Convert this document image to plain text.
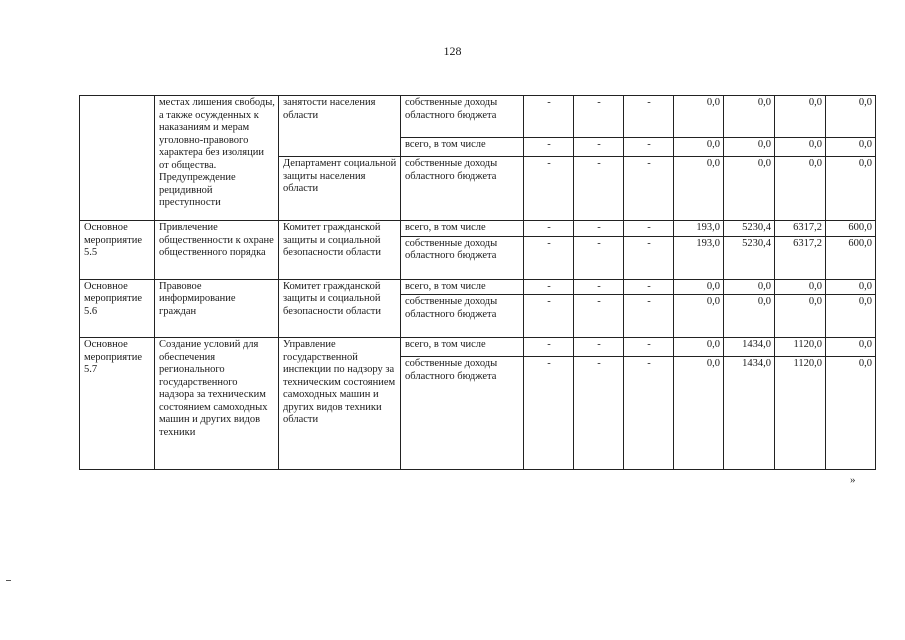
128
	местах лишения свободы, а также осужденных к наказаниям и мерам уголовно-правового характера без изоляции от общества. Предупреждение рецидивной преступности	занятости населения области	собственные доходы областного бюджета	-	-	-	0,0	0,0	0,0	0,0
			всего, в том числе	-	-	-	0,0	0,0	0,0	0,0
		Департамент социальной защиты населения области	собственные доходы областного бюджета	-	-	-	0,0	0,0	0,0	0,0
Основное мероприятие 5.5	Привлечение общественности к охране общественного порядка	Комитет гражданской защиты и социальной безопасности области	всего, в том числе	-	-	-	193,0	5230,4	6317,2	600,0
			собственные доходы областного бюджета	-	-	-	193,0	5230,4	6317,2	600,0
Основное мероприятие 5.6	Правовое информирование граждан	Комитет гражданской защиты и социальной безопасности области	всего, в том числе	-	-	-	0,0	0,0	0,0	0,0
			собственные доходы областного бюджета	-	-	-	0,0	0,0	0,0	0,0
Основное мероприятие 5.7	Создание условий для обеспечения регионального государственного надзора за техническим состоянием самоходных машин и других видов техники	Управление государственной инспекции по надзору за техническим состоянием самоходных машин и других видов техники области	всего, в том числе	-	-	-	0,0	1434,0	1120,0	0,0
			собственные доходы областного бюджета	-	-	-	0,0	1434,0	1120,0	0,0
»
